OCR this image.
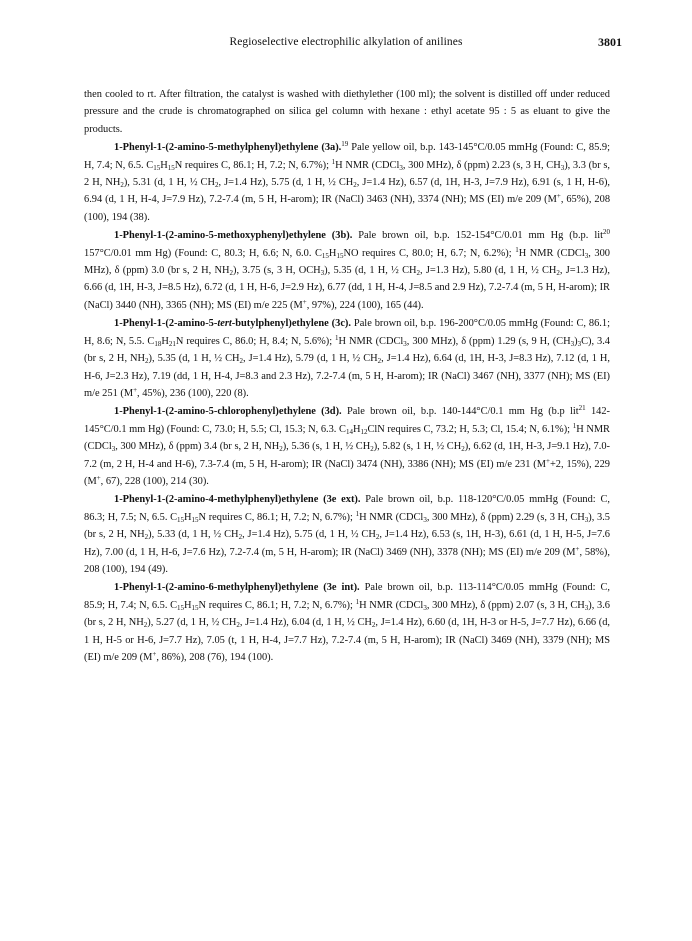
Regioselective electrophilic alkylation of anilines	3801

then cooled to rt. After filtration, the catalyst is washed with diethylether (100 ml); the solvent is distilled off under reduced pressure and the crude is chromatographed on silica gel column with hexane : ethyl acetate 95 : 5 as eluant to give the products.

1-Phenyl-1-(2-amino-5-methylphenyl)ethylene (3a).$^{19}$ Pale yellow oil, b.p. 143-145°C/0.05 mmHg (Found: C, 85.9; H, 7.4; N, 6.5. $C_{15}H_{15}N$ requires C, 86.1; H, 7.2; N, 6.7%); $^1$H NMR (CDCl$_3$, 300 MHz), δ (ppm) 2.23 (s, 3 H, $CH_3$), 3.3 (br s, 2 H, $NH_2$), 5.31 (d, 1 H, ½ $CH_2$, J=1.4 Hz), 5.75 (d, 1 H, ½ $CH_2$, J=1.4 Hz), 6.57 (d, 1H, H-3, J=7.9 Hz), 6.91 (s, 1 H, H-6), 6.94 (d, 1 H, H-4, J=7.9 Hz), 7.2-7.4 (m, 5 H, H-arom); IR (NaCl) 3463 (NH), 3374 (NH); MS (EI) m/e 209 (M+, 65%), 208 (100), 194 (38).

1-Phenyl-1-(2-amino-5-methoxyphenyl)ethylene (3b). Pale brown oil, b.p. 152-154°C/0.01 mm Hg (b.p. lit$^{20}$ 157°C/0.01 mm Hg) (Found: C, 80.3; H, 6.6; N, 6.0. $C_{15}H_{15}NO$ requires C, 80.0; H, 6.7; N, 6.2%); $^1$H NMR (CDCl$_3$, 300 MHz), δ (ppm) 3.0 (br s, 2 H, $NH_2$), 3.75 (s, 3 H, $OCH_3$), 5.35 (d, 1 H, ½ $CH_2$, J=1.3 Hz), 5.80 (d, 1 H, ½ $CH_2$, J=1.3 Hz), 6.66 (d, 1H, H-3, J=8.5 Hz), 6.72 (d, 1 H, H-6, J=2.9 Hz), 6.77 (dd, 1 H, H-4, J=8.5 and 2.9 Hz), 7.2-7.4 (m, 5 H, H-arom); IR (NaCl) 3440 (NH), 3365 (NH); MS (EI) m/e 225 (M+, 97%), 224 (100), 165 (44).

1-Phenyl-1-(2-amino-5-tert-butylphenyl)ethylene (3c). Pale brown oil, b.p. 196-200°C/0.05 mmHg (Found: C, 86.1; H, 8.6; N, 5.5. $C_{18}H_{21}N$ requires C, 86.0; H, 8.4; N, 5.6%); $^1$H NMR (CDCl$_3$, 300 MHz), δ (ppm) 1.29 (s, 9 H, $(CH_3)_3C$), 3.4 (br s, 2 H, $NH_2$), 5.35 (d, 1 H, ½ $CH_2$, J=1.4 Hz), 5.79 (d, 1 H, ½ $CH_2$, J=1.4 Hz), 6.64 (d, 1H, H-3, J=8.3 Hz), 7.12 (d, 1 H, H-6, J=2.3 Hz), 7.19 (dd, 1 H, H-4, J=8.3 and 2.3 Hz), 7.2-7.4 (m, 5 H, H-arom); IR (NaCl) 3467 (NH), 3377 (NH); MS (EI) m/e 251 (M+, 45%), 236 (100), 220 (8).

1-Phenyl-1-(2-amino-5-chlorophenyl)ethylene (3d). Pale brown oil, b.p. 140-144°C/0.1 mm Hg (b.p lit$^{21}$ 142-145°C/0.1 mm Hg) (Found: C, 73.0; H, 5.5; Cl, 15.3; N, 6.3. $C_{14}H_{12}ClN$ requires C, 73.2; H, 5.3; Cl, 15.4; N, 6.1%); $^1$H NMR (CDCl$_3$, 300 MHz), δ (ppm) 3.4 (br s, 2 H, $NH_2$), 5.36 (s, 1 H, ½ $CH_2$), 5.82 (s, 1 H, ½ $CH_2$), 6.62 (d, 1H, H-3, J=9.1 Hz), 7.0-7.2 (m, 2 H, H-4 and H-6), 7.3-7.4 (m, 5 H, H-arom); IR (NaCl) 3474 (NH), 3386 (NH); MS (EI) m/e 231 (M++2, 15%), 229 (M+, 67), 228 (100), 214 (30).

1-Phenyl-1-(2-amino-4-methylphenyl)ethylene (3e ext). Pale brown oil, b.p. 118-120°C/0.05 mmHg (Found: C, 86.3; H, 7.5; N, 6.5. $C_{15}H_{15}N$ requires C, 86.1; H, 7.2; N, 6.7%); $^1$H NMR (CDCl$_3$, 300 MHz), δ (ppm) 2.29 (s, 3 H, $CH_3$), 3.5 (br s, 2 H, $NH_2$), 5.33 (d, 1 H, ½ $CH_2$, J=1.4 Hz), 5.75 (d, 1 H, ½ $CH_2$, J=1.4 Hz), 6.53 (s, 1H, H-3), 6.61 (d, 1 H, H-5, J=7.6 Hz), 7.00 (d, 1 H, H-6, J=7.6 Hz), 7.2-7.4 (m, 5 H, H-arom); IR (NaCl) 3469 (NH), 3378 (NH); MS (EI) m/e 209 (M+, 58%), 208 (100), 194 (49).

1-Phenyl-1-(2-amino-6-methylphenyl)ethylene (3e int). Pale brown oil, b.p. 113-114°C/0.05 mmHg (Found: C, 85.9; H, 7.4; N, 6.5. $C_{15}H_{15}N$ requires C, 86.1; H, 7.2; N, 6.7%); $^1$H NMR (CDCl$_3$, 300 MHz), δ (ppm) 2.07 (s, 3 H, $CH_3$), 3.6 (br s, 2 H, $NH_2$), 5.27 (d, 1 H, ½ $CH_2$, J=1.4 Hz), 6.04 (d, 1 H, ½ $CH_2$, J=1.4 Hz), 6.60 (d, 1H, H-3 or H-5, J=7.7 Hz), 6.66 (d, 1 H, H-5 or H-6, J=7.7 Hz), 7.05 (t, 1 H, H-4, J=7.7 Hz), 7.2-7.4 (m, 5 H, H-arom); IR (NaCl) 3469 (NH), 3379 (NH); MS (EI) m/e 209 (M+, 86%), 208 (76), 194 (100).
